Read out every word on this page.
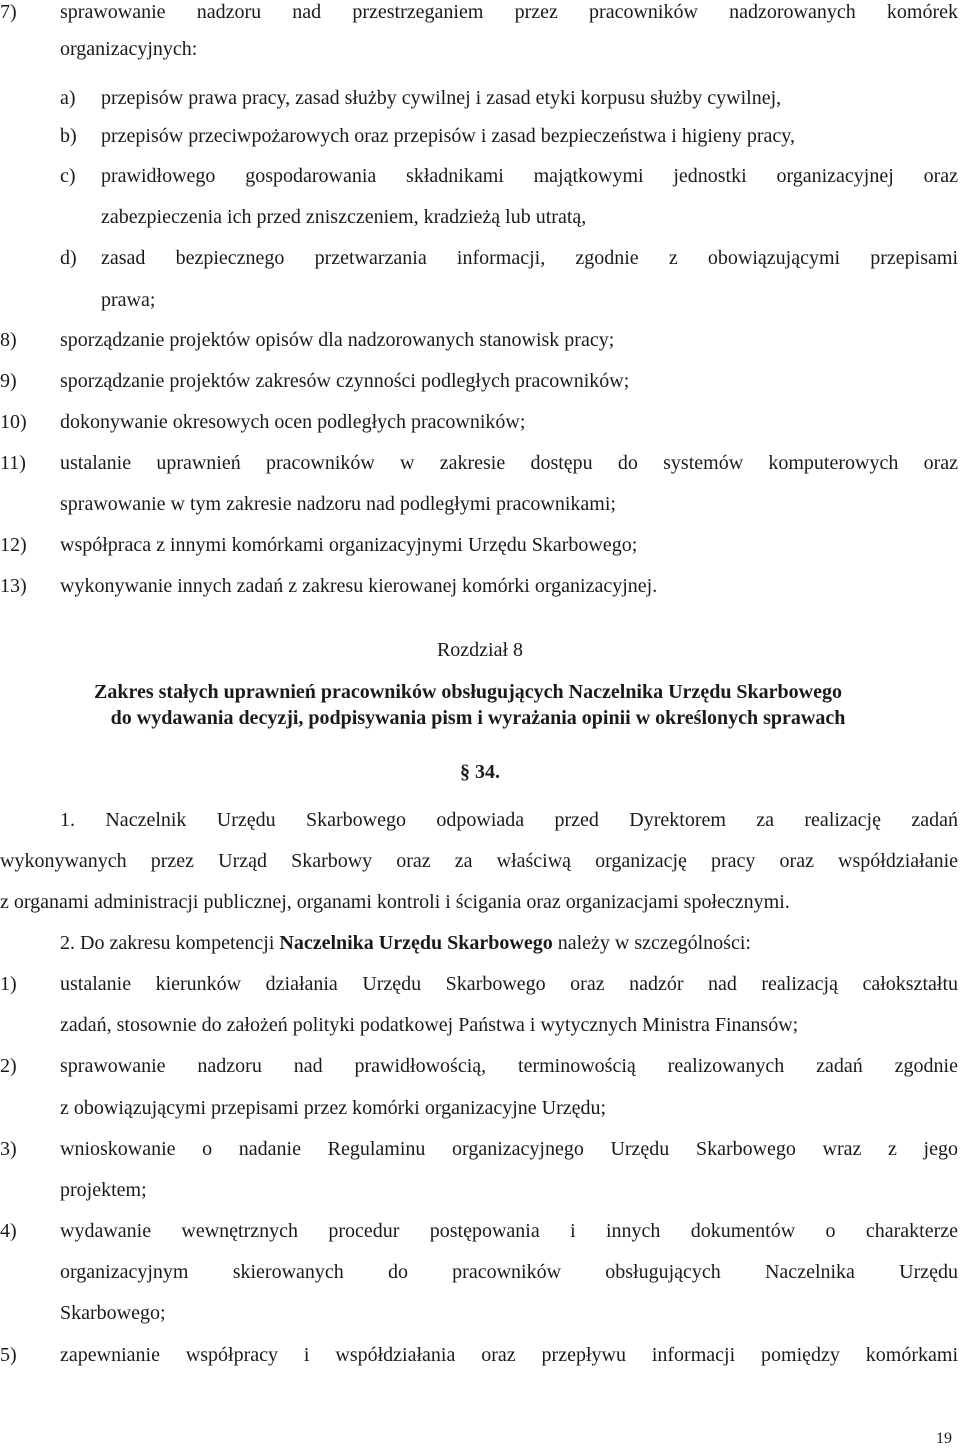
7) sprawowanie nadzoru nad przestrzeganiem przez pracowników nadzorowanych komórek
organizacyjnych:
a) przepisów prawa pracy, zasad służby cywilnej i zasad etyki korpusu służby cywilnej,
b) przepisów przeciwpożarowych oraz przepisów i zasad bezpieczeństwa i higieny pracy,
c) prawidłowego gospodarowania składnikami majątkowymi jednostki organizacyjnej oraz
zabezpieczenia ich przed zniszczeniem, kradzieżą lub utratą,
d) zasad bezpiecznego przetwarzania informacji, zgodnie z obowiązującymi przepisami
prawa;
8) sporządzanie projektów opisów dla nadzorowanych stanowisk pracy;
9) sporządzanie projektów zakresów czynności podległych pracowników;
10) dokonywanie okresowych ocen podległych pracowników;
11) ustalanie uprawnień pracowników w zakresie dostępu do systemów komputerowych oraz
sprawowanie w tym zakresie nadzoru nad podległymi pracownikami;
12) współpraca z innymi komórkami organizacyjnymi Urzędu Skarbowego;
13) wykonywanie innych zadań z zakresu kierowanej komórki organizacyjnej.
Rozdział 8
Zakres stałych uprawnień pracowników obsługujących Naczelnika Urzędu Skarbowego
do wydawania decyzji, podpisywania pism i wyrażania opinii w określonych sprawach
§ 34.
1. Naczelnik Urzędu Skarbowego odpowiada przed Dyrektorem za realizację zadań
wykonywanych przez Urząd Skarbowy oraz za właściwą organizację pracy oraz współdziałanie
z organami administracji publicznej, organami kontroli i ścigania oraz organizacjami społecznymi.
2. Do zakresu kompetencji Naczelnika Urzędu Skarbowego należy w szczególności:
1) ustalanie kierunków działania Urzędu Skarbowego oraz nadzór nad realizacją całokształtu
zadań, stosownie do założeń polityki podatkowej Państwa i wytycznych Ministra Finansów;
2) sprawowanie nadzoru nad prawidłowością, terminowością realizowanych zadań zgodnie
z obowiązującymi przepisami przez komórki organizacyjne Urzędu;
3) wnioskowanie o nadanie Regulaminu organizacyjnego Urzędu Skarbowego wraz z jego
projektem;
4) wydawanie wewnętrznych procedur postępowania i innych dokumentów o charakterze
organizacyjnym skierowanych do pracowników obsługujących Naczelnika Urzędu
Skarbowego;
5) zapewnianie współpracy i współdziałania oraz przepływu informacji pomiędzy komórkami
19
